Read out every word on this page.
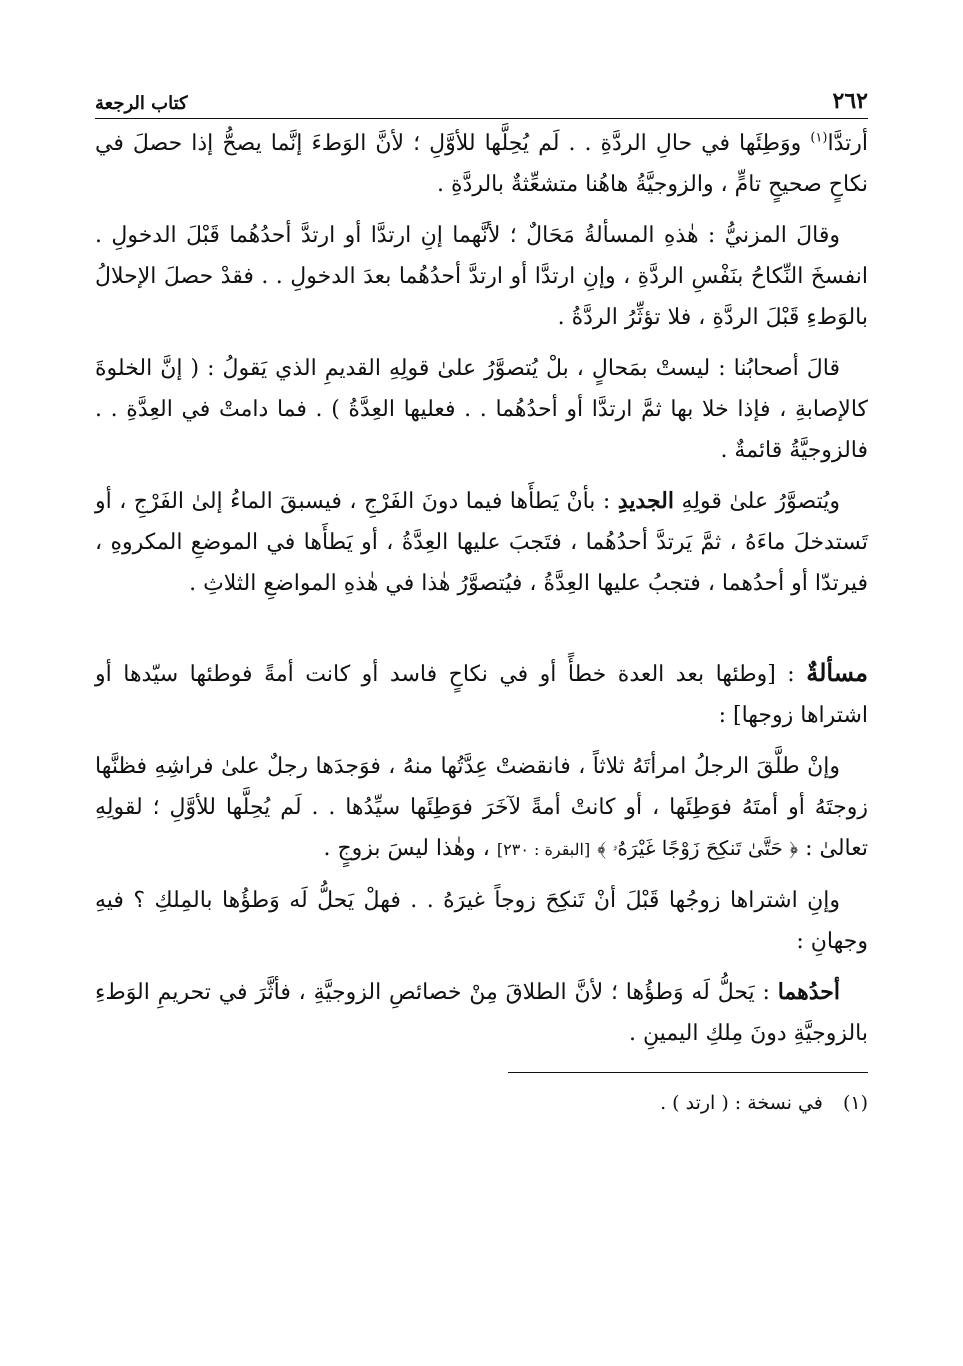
٢٦٢
كتاب الرجعة

أرتدَّا$^{(١)}$ ووَطِئَها في حالِ الردَّةِ . . لَم يُحِلَّها للأوَّلِ ؛ لأنَّ الوَطءَ إنَّما يصحُّ إذا حصلَ في نكاحٍ صحيحٍ تامٍّ ، والزوجيَّةُ هاهُنا متشعِّثةٌ بالردَّةِ .

وقالَ المزنيُّ : هٰذهِ المسألةُ مَحَالٌ ؛ لأنَّهما إنِ ارتدَّا أو ارتدَّ أحدُهُما قَبْلَ الدخولِ . انفسخَ النِّكاحُ بنَفْسِ الردَّةِ ، وإنِ ارتدَّا أو ارتدَّ أحدُهُما بعدَ الدخولِ . . فقدْ حصلَ الإحلالُ بالوَطءِ قَبْلَ الردَّةِ ، فلا تؤثِّرُ الردَّةُ .

قالَ أصحابُنا : ليستْ بمَحالٍ ، بلْ يُتصوَّرُ علىٰ قولِهِ القديمِ الذي يَقولُ : ( إنَّ الخلوةَ كالإصابةِ ، فإذا خلا بها ثمَّ ارتدَّا أو أحدُهُما . . فعليها العِدَّةُ ) . فما دامتْ في العِدَّةِ . . فالزوجيَّةُ قائمةٌ .

ويُتصوَّرُ علىٰ قولِهِ الجديدِ : بأنْ يَطأَها فيما دونَ الفَرْجِ ، فيسبقَ الماءُ إلىٰ الفَرْجِ ، أو تَستدخلَ ماءَهُ ، ثمَّ يَرتدَّ أحدُهُما ، فتَجبَ عليها العِدَّةُ ، أو يَطأَها في الموضعِ المكروهِ ، فيرتدّا أو أحدُهما ، فتجبُ عليها العِدَّةُ ، فيُتصوَّرُ هٰذا في هٰذهِ المواضعِ الثلاثِ .

مسألةٌ : [وطئها بعد العدة خطأً أو في نكاحٍ فاسد أو كانت أمةً فوطئها سيّدها أو اشتراها زوجها] :

وإنْ طلَّقَ الرجلُ امرأتَهُ ثلاثاً ، فانقضتْ عِدَّتُها منهُ ، فوَجدَها رجلٌ علىٰ فراشِهِ فظنَّها زوجتَهُ أو أمتَهُ فوَطِئَها ، أو كانتْ أمةً لآخَرَ فوَطِئَها سيِّدُها . . لَم يُحِلَّها للأوَّلِ ؛ لقولِهِ تعالىٰ : ﴿ حَتَّىٰ تَنكِحَ زَوْجًا غَيْرَهُۥ ﴾ [البقرة : ٢٣٠] ، وهٰذا ليسَ بزوجٍ .

وإنِ اشتراها زوجُها قَبْلَ أنْ تَنكِحَ زوجاً غيرَهُ . . فهلْ يَحلُّ لَه وَطؤُها بالمِلكِ ؟ فيهِ وجهانِ :

أحدُهما : يَحلُّ لَه وَطؤُها ؛ لأنَّ الطلاقَ مِنْ خصائصِ الزوجيَّةِ ، فأثَّرَ في تحريمِ الوَطءِ بالزوجيَّةِ دونَ مِلكِ اليمينِ .

(١) في نسخة : ( ارتد ) .
